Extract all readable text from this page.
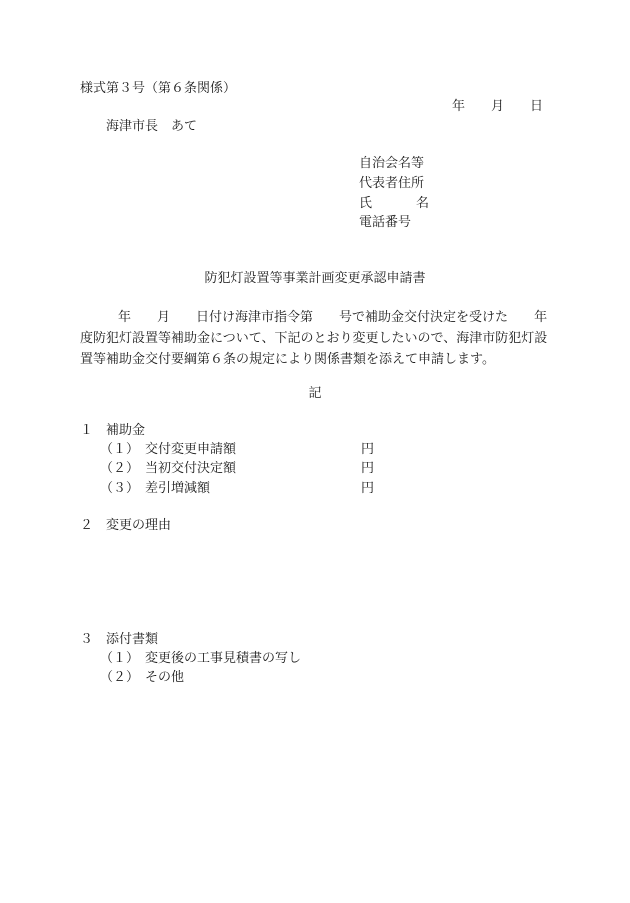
様式第３号（第６条関係）
年 月 日
海津市長　あて
自治会名等
代表者住所
氏	名
電話番号
防犯灯設置等事業計画変更承認申請書
年 月 日付け海津市指令第 号で補助金交付決定を受けた 年
度防犯灯設置等補助金について、下記のとおり変更したいので、海津市防犯灯設
置等補助金交付要綱第６条の規定により関係書類を添えて申請します。
記
１ 補助金
（１） 交付変更申請額	円
（２） 当初交付決定額	円
（３） 差引増減額	円
２ 変更の理由
３ 添付書類
（１） 変更後の工事見積書の写し
（２） その他
